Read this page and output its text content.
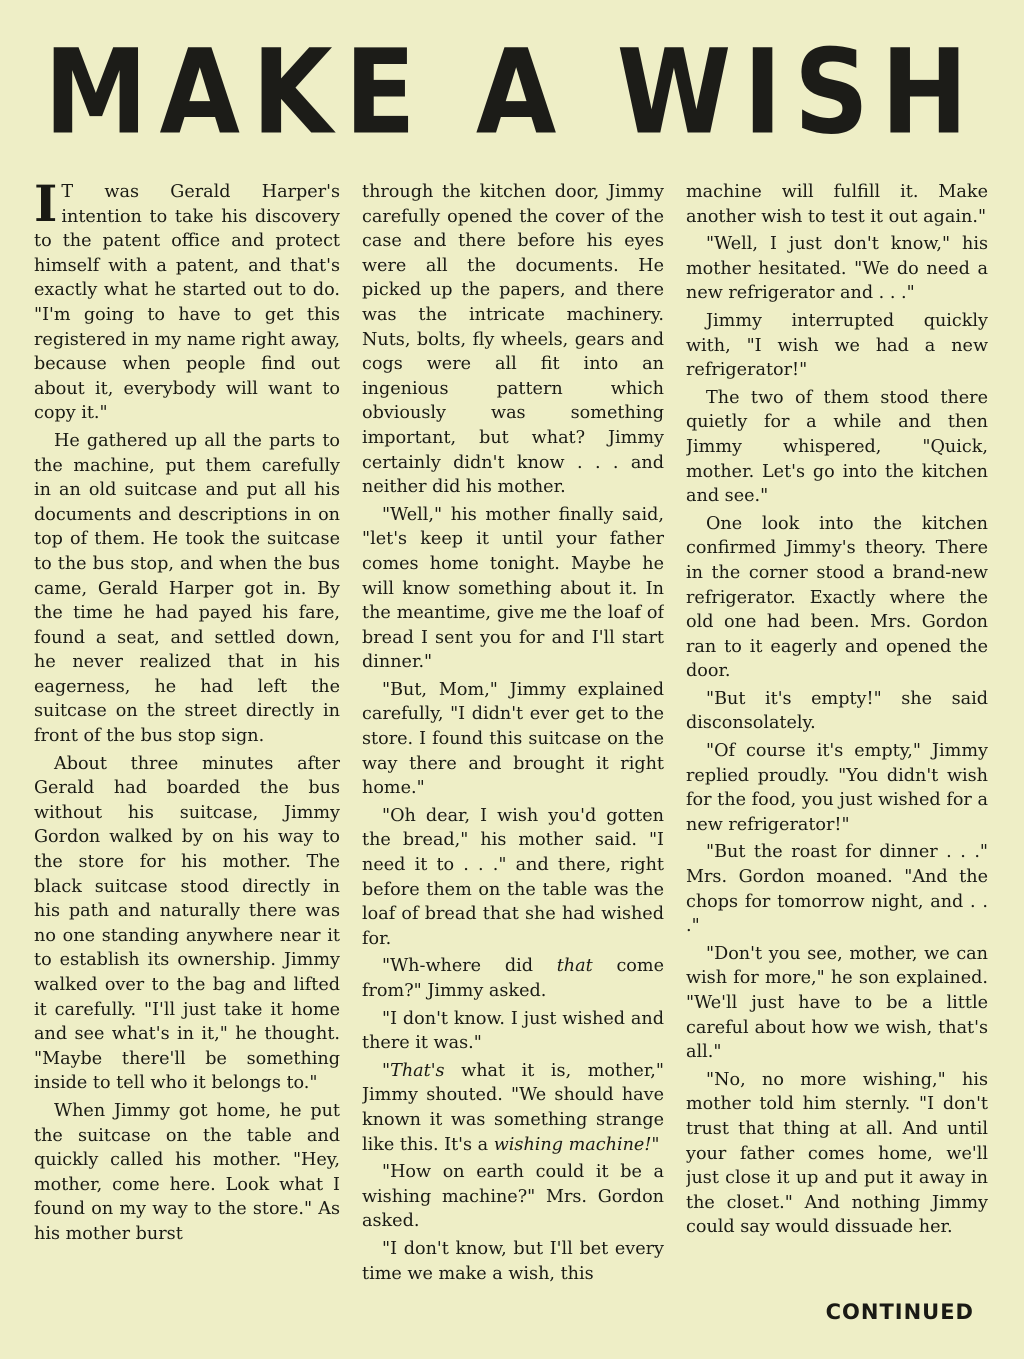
MAKE A WISH

I T was Gerald Harper's intention to take his discovery to the patent office and protect himself with a patent, and that's exactly what he started out to do. "I'm going to have to get this registered in my name right away, because when people find out about it, everybody will want to copy it."

He gathered up all the parts to the machine, put them carefully in an old suitcase and put all his documents and descriptions in on top of them. He took the suitcase to the bus stop, and when the bus came, Gerald Harper got in. By the time he had payed his fare, found a seat, and settled down, he never realized that in his eagerness, he had left the suitcase on the street directly in front of the bus stop sign.

About three minutes after Gerald had boarded the bus without his suitcase, Jimmy Gordon walked by on his way to the store for his mother. The black suitcase stood directly in his path and naturally there was no one standing anywhere near it to establish its ownership. Jimmy walked over to the bag and lifted it carefully. "I'll just take it home and see what's in it," he thought. "Maybe there'll be something inside to tell who it belongs to."

When Jimmy got home, he put the suitcase on the table and quickly called his mother. "Hey, mother, come here. Look what I found on my way to the store." As his mother burst

through the kitchen door, Jimmy carefully opened the cover of the case and there before his eyes were all the documents. He picked up the papers, and there was the intricate machinery. Nuts, bolts, fly wheels, gears and cogs were all fit into an ingenious pattern which obviously was something important, but what? Jimmy certainly didn't know . . . and neither did his mother.

"Well," his mother finally said, "let's keep it until your father comes home tonight. Maybe he will know something about it. In the meantime, give me the loaf of bread I sent you for and I'll start dinner."

"But, Mom," Jimmy explained carefully, "I didn't ever get to the store. I found this suitcase on the way there and brought it right home."

"Oh dear, I wish you'd gotten the bread," his mother said. "I need it to . . ." and there, right before them on the table was the loaf of bread that she had wished for.

"Wh-where did that come from?" Jimmy asked.

"I don't know. I just wished and there it was."

"That's what it is, mother," Jimmy shouted. "We should have known it was something strange like this. It's a wishing machine!"

"How on earth could it be a wishing machine?" Mrs. Gordon asked.

"I don't know, but I'll bet every time we make a wish, this

machine will fulfill it. Make another wish to test it out again."

"Well, I just don't know," his mother hesitated. "We do need a new refrigerator and . . ."

Jimmy interrupted quickly with, "I wish we had a new refrigerator!"

The two of them stood there quietly for a while and then Jimmy whispered, "Quick, mother. Let's go into the kitchen and see."

One look into the kitchen confirmed Jimmy's theory. There in the corner stood a brand-new refrigerator. Exactly where the old one had been. Mrs. Gordon ran to it eagerly and opened the door.

"But it's empty!" she said disconsolately.

"Of course it's empty," Jimmy replied proudly. "You didn't wish for the food, you just wished for a new refrigerator!"

"But the roast for dinner . . ." Mrs. Gordon moaned. "And the chops for tomorrow night, and . . ."

"Don't you see, mother, we can wish for more," he son explained. "We'll just have to be a little careful about how we wish, that's all."

"No, no more wishing," his mother told him sternly. "I don't trust that thing at all. And until your father comes home, we'll just close it up and put it away in the closet." And nothing Jimmy could say would dissuade her.

CONTINUED
